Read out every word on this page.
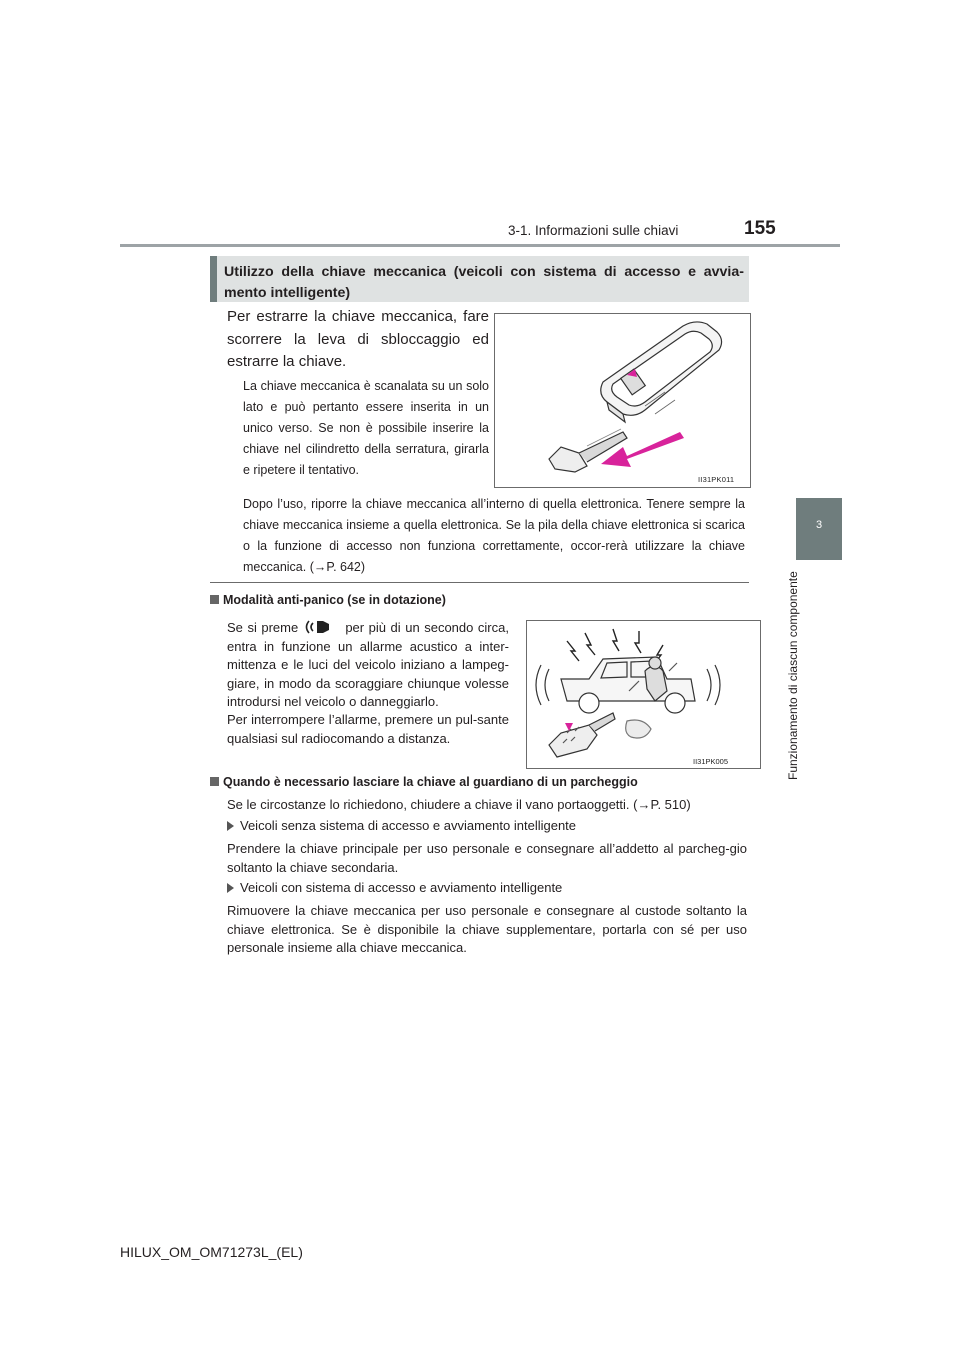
3-1. Informazioni sulle chiavi	155
3
Funzionamento di ciascun componente
Utilizzo della chiave meccanica (veicoli con sistema di accesso e avvia-mento intelligente)
Per estrarre la chiave meccanica, fare scorrere la leva di sbloccaggio ed estrarre la chiave.
La chiave meccanica è scanalata su un solo lato e può pertanto essere inserita in un unico verso. Se non è possibile inserire la chiave nel cilindretto della serratura, girarla e ripetere il tentativo.
II31PK011
Dopo l’uso, riporre la chiave meccanica all’interno di quella elettronica. Tenere sempre la chiave meccanica insieme a quella elettronica. Se la pila della chiave elettronica si scarica o la funzione di accesso non funziona correttamente, occor-rerà utilizzare la chiave meccanica. (→P. 642)
Modalità anti-panico (se in dotazione)
Se si preme	per più di un secondo circa, entra in funzione un allarme acustico a inter-mittenza e le luci del veicolo iniziano a lampeg-giare, in modo da scoraggiare chiunque volesse introdursi nel veicolo o danneggiarlo.
Per interrompere l’allarme, premere un pul-sante qualsiasi sul radiocomando a distanza.
II31PK005
Quando è necessario lasciare la chiave al guardiano di un parcheggio
Se le circostanze lo richiedono, chiudere a chiave il vano portaoggetti. (→P. 510)
Veicoli senza sistema di accesso e avviamento intelligente
Prendere la chiave principale per uso personale e consegnare all’addetto al parcheg-gio soltanto la chiave secondaria.
Veicoli con sistema di accesso e avviamento intelligente
Rimuovere la chiave meccanica per uso personale e consegnare al custode soltanto la chiave elettronica. Se è disponibile la chiave supplementare, portarla con sé per uso personale insieme alla chiave meccanica.
HILUX_OM_OM71273L_(EL)
